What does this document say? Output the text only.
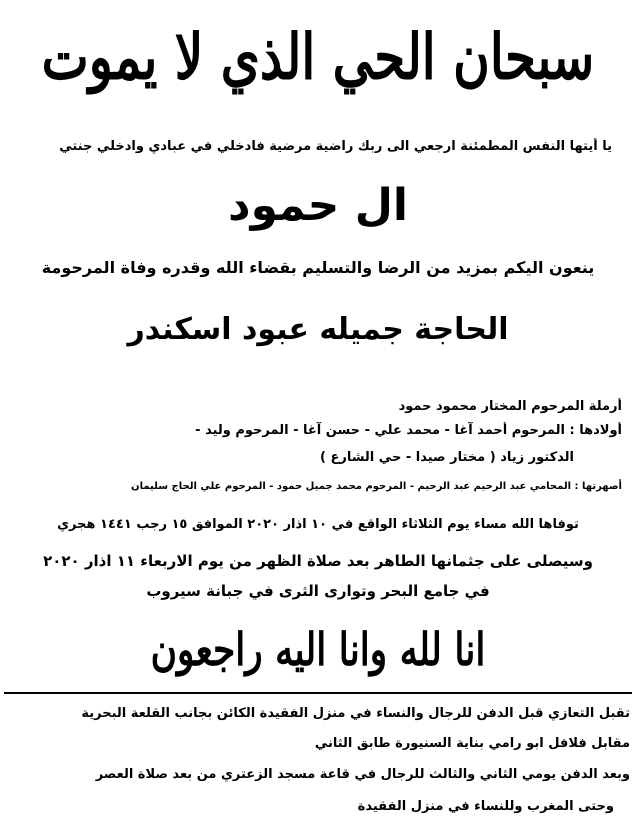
سبحان الحي الذي لا يموت
يا أيتها النفس المطمئنة ارجعي الى ربك راضية مرضية فادخلي في عبادي وادخلي جنتي
ال حمود
ينعون اليكم بمزيد من الرضا والتسليم بقضاء الله وقدره وفاة المرحومة
الحاجة جميله عبود اسكندر
أرملة المرحوم المختار محمود حمود
أولادها : المرحوم أحمد آغا - محمد علي - حسن آغا - المرحوم وليد -
الدكتور زياد ( مختار صيدا - حي الشارع )
أصهرتها : المحامي عبد الرحيم عبد الرحيم - المرحوم محمد جميل حمود - المرحوم علي الحاج سليمان
توفاها الله مساء يوم الثلاثاء الواقع في ١٠ اذار ٢٠٢٠ الموافق ١٥ رجب ١٤٤١ هجري
وسيصلى على جثمانها الطاهر بعد صلاة الظهر من يوم الاربعاء ١١ اذار ٢٠٢٠
في جامع البحر وتوارى الثرى في جبانة سيروب
انا لله وانا اليه راجعون
تقبل التعازي قبل الدفن للرجال والنساء في منزل الفقيدة الكائن بجانب القلعة البحرية
مقابل فلافل ابو رامي بناية السنيورة طابق الثاني
وبعد الدفن يومي الثاني والثالث للرجال في قاعة مسجد الزعتري من بعد صلاة العصر
وحتى المغرب وللنساء في منزل الفقيدة
